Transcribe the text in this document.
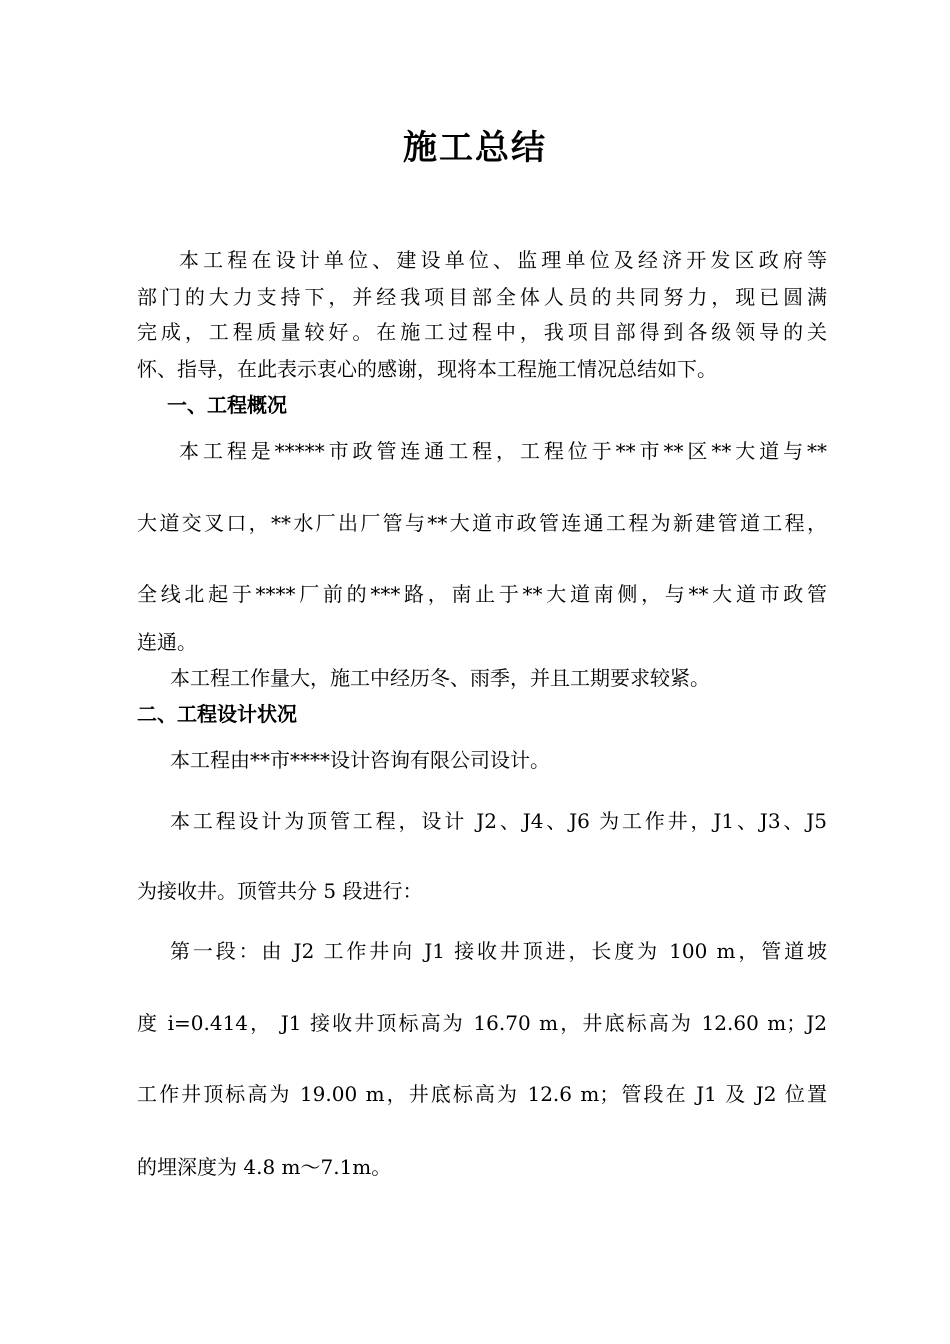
施工总结
本工程在设计单位、建设单位、监理单位及经济开发区政府等
部门的大力支持下，并经我项目部全体人员的共同努力，现已圆满
完成，工程质量较好。在施工过程中，我项目部得到各级领导的关
怀、指导，在此表示衷心的感谢，现将本工程施工情况总结如下。
一、工程概况
本工程是*****市政管连通工程，工程位于**市**区**大道与**
大道交叉口，**水厂出厂管与**大道市政管连通工程为新建管道工程，
全线北起于****厂前的***路，南止于**大道南侧，与**大道市政管
连通。
本工程工作量大，施工中经历冬、雨季，并且工期要求较紧。
二、工程设计状况
本工程由**市****设计咨询有限公司设计。
本工程设计为顶管工程，设计 J2、J4、J6 为工作井，J1、J3、J5
为接收井。顶管共分 5 段进行：
第一段：由 J2 工作井向 J1 接收井顶进，长度为 100 m，管道坡
度 i=0.414， J1 接收井顶标高为 16.70 m，井底标高为 12.60 m；J2
工作井顶标高为 19.00 m，井底标高为 12.6 m；管段在 J1 及 J2 位置
的埋深度为 4.8 m～7.1m。
